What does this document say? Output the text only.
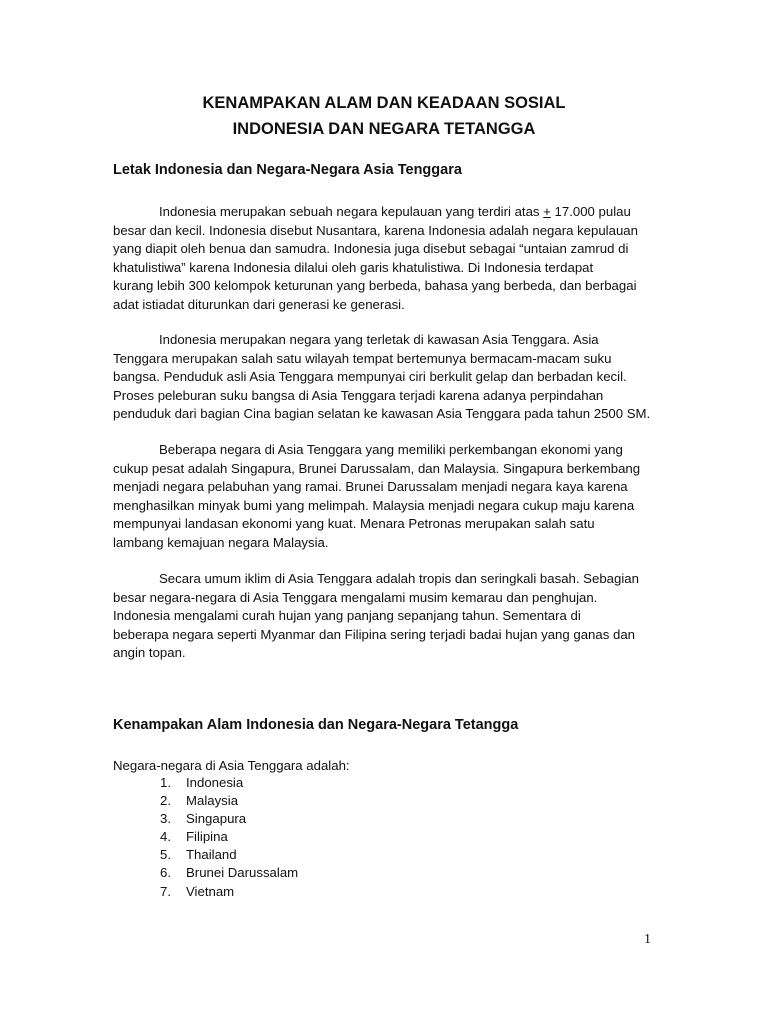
KENAMPAKAN ALAM DAN KEADAAN SOSIAL
INDONESIA DAN NEGARA TETANGGA
Letak Indonesia dan Negara-Negara Asia Tenggara
Indonesia merupakan sebuah negara kepulauan yang terdiri atas + 17.000 pulau
besar dan kecil. Indonesia disebut Nusantara, karena Indonesia adalah negara kepulauan
yang diapit oleh benua dan samudra. Indonesia juga disebut sebagai “untaian zamrud di
khatulistiwa” karena Indonesia dilalui oleh garis khatulistiwa. Di Indonesia terdapat
kurang lebih 300 kelompok keturunan yang berbeda, bahasa yang berbeda, dan berbagai
adat istiadat diturunkan dari generasi ke generasi.
Indonesia merupakan negara yang terletak di kawasan Asia Tenggara. Asia
Tenggara merupakan salah satu wilayah tempat bertemunya bermacam-macam suku
bangsa. Penduduk asli Asia Tenggara mempunyai ciri berkulit gelap dan berbadan kecil.
Proses peleburan suku bangsa di Asia Tenggara terjadi karena adanya perpindahan
penduduk dari bagian Cina bagian selatan ke kawasan Asia Tenggara pada tahun 2500 SM.
Beberapa negara di Asia Tenggara yang memiliki perkembangan ekonomi yang
cukup pesat adalah Singapura, Brunei Darussalam, dan Malaysia. Singapura berkembang
menjadi negara pelabuhan yang ramai. Brunei Darussalam menjadi negara kaya karena
menghasilkan minyak bumi yang melimpah. Malaysia menjadi negara cukup maju karena
mempunyai landasan ekonomi yang kuat. Menara Petronas merupakan salah satu
lambang kemajuan negara Malaysia.
Secara umum iklim di Asia Tenggara adalah tropis dan seringkali basah. Sebagian
besar negara-negara di Asia Tenggara mengalami musim kemarau dan penghujan.
Indonesia mengalami curah hujan yang panjang sepanjang tahun. Sementara di
beberapa negara seperti Myanmar dan Filipina sering terjadi badai hujan yang ganas dan
angin topan.
Kenampakan Alam Indonesia dan Negara-Negara Tetangga

Negara-negara di Asia Tenggara adalah:

1.	Indonesia
2.	Malaysia
3.	Singapura
4.	Filipina
5.	Thailand
6.	Brunei Darussalam
7.	Vietnam

1
